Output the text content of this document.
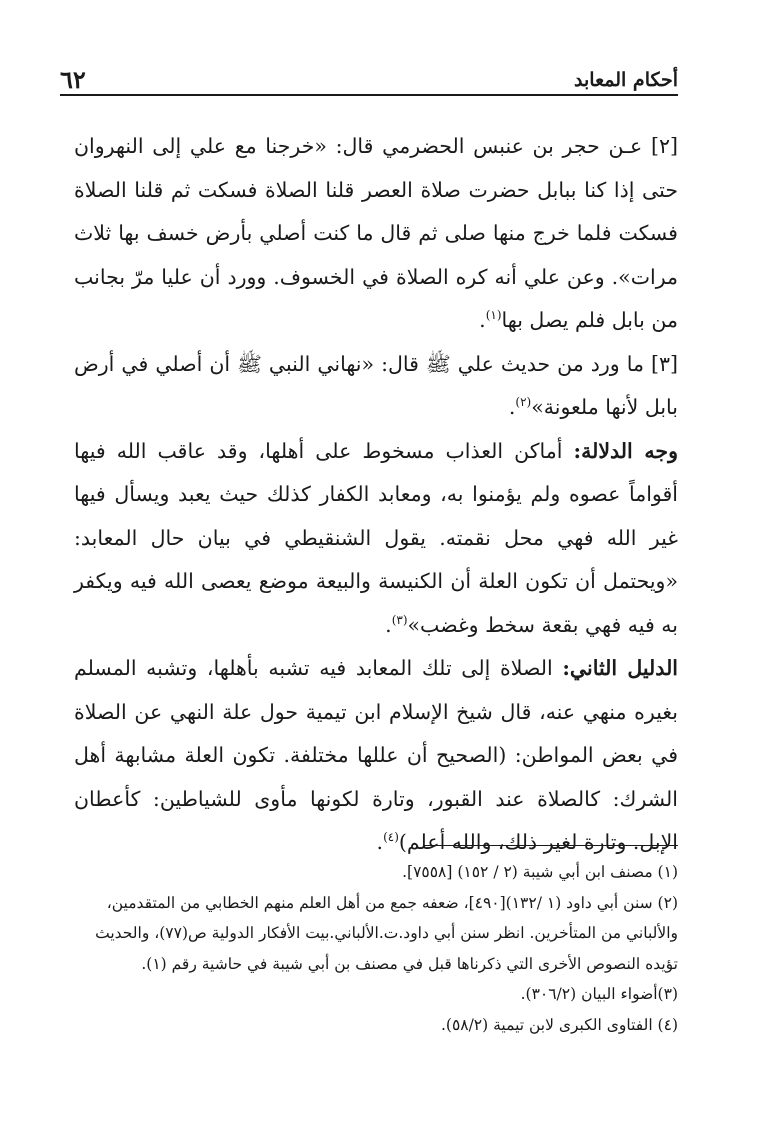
٦٢	أحكام المعابد

[٢] عـن حجر بن عنبس الحضرمي قال: «خرجنا مع علي إلى النهروان حتى إذا كنا ببابل حضرت صلاة العصر قلنا الصلاة فسكت ثم قلنا الصلاة فسكت فلما خرج منها صلى ثم قال ما كنت أصلي بأرض خسف بها ثلاث مرات». وعن علي أنه كره الصلاة في الخسوف. وورد أن عليا مرّ بجانب من بابل فلم يصل بها$^{(١)}$.

[٣] ما ورد من حديث علي ﷺ قال: «نهاني النبي ﷺ أن أصلي في أرض بابل لأنها ملعونة»$^{(٢)}$.

وجه الدلالة: أماكن العذاب مسخوط على أهلها، وقد عاقب الله فيها أقواماً عصوه ولم يؤمنوا به، ومعابد الكفار كذلك حيث يعبد ويسأل فيها غير الله فهي محل نقمته. يقول الشنقيطي في بيان حال المعابد: «ويحتمل أن تكون العلة أن الكنيسة والبيعة موضع يعصى الله فيه ويكفر به فيه فهي بقعة سخط وغضب»$^{(٣)}$.

الدليل الثاني: الصلاة إلى تلك المعابد فيه تشبه بأهلها، وتشبه المسلم بغيره منهي عنه، قال شيخ الإسلام ابن تيمية حول علة النهي عن الصلاة في بعض المواطن: (الصحيح أن عللها مختلفة. تكون العلة مشابهة أهل الشرك: كالصلاة عند القبور، وتارة لكونها مأوى للشياطين: كأعطان الإبل. وتارة لغير ذلك، والله أعلم)$^{(٤)}$.

(١) مصنف ابن أبي شيبة (٢ / ١٥٢) [٧٥٥٨].

(٢) سنن أبي داود (١ /١٣٢)[٤٩٠]، ضعفه جمع من أهل العلم منهم الخطابي من المتقدمين، والألباني من المتأخرين. انظر سنن أبي داود.ت.الألباني.بيت الأفكار الدولية ص(٧٧)، والحديث تؤيده النصوص الأخرى التي ذكرناها قبل في مصنف بن أبي شيبة في حاشية رقم (١).

(٣)أضواء البيان (٣٠٦/٢).

(٤) الفتاوى الكبرى لابن تيمية (٥٨/٢).
